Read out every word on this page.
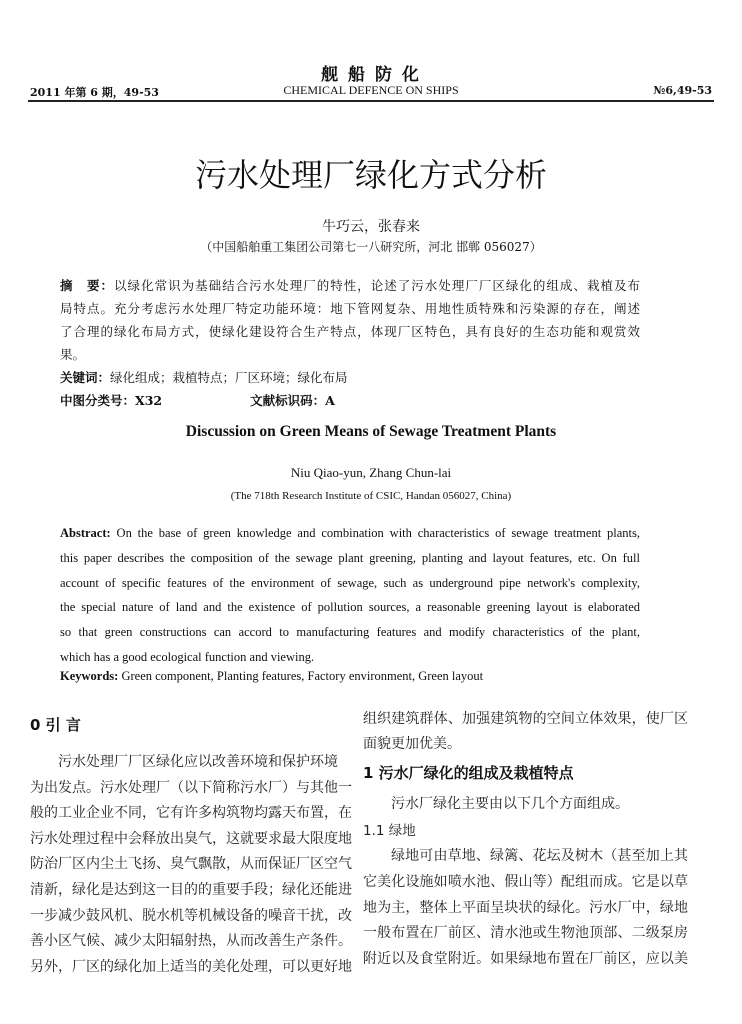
舰 船 防 化
2011 年第 6 期，49-53	CHEMICAL DEFENCE ON SHIPS	№6,49-53
污水处理厂绿化方式分析
牛巧云，张春来
（中国船舶重工集团公司第七一八研究所，河北 邯郸 056027）
摘　要：以绿化常识为基础结合污水处理厂的特性，论述了污水处理厂厂区绿化的组成、栽植及布
局特点。充分考虑污水处理厂特定功能环境：地下管网复杂、用地性质特殊和污染源的存在，阐述
了合理的绿化布局方式，使绿化建设符合生产特点，体现厂区特色，具有良好的生态功能和观赏效
果。
关键词：绿化组成；栽植特点；厂区环境；绿化布局
中图分类号：X32	文献标识码：A
Discussion on Green Means of Sewage Treatment Plants
Niu Qiao-yun, Zhang Chun-lai
(The 718th Research Institute of CSIC, Handan 056027, China)
Abstract: On the base of green knowledge and combination with characteristics of sewage treatment plants,
this paper describes the composition of the sewage plant greening, planting and layout features, etc. On full
account of specific features of the environment of sewage, such as underground pipe network's complexity,
the special nature of land and the existence of pollution sources, a reasonable greening layout is elaborated
so that green constructions can accord to manufacturing features and modify characteristics of the plant,
which has a good ecological function and viewing.
Keywords: Green component, Planting features, Factory environment, Green layout
0 引 言
污水处理厂厂区绿化应以改善环境和保护环境
为出发点。污水处理厂（以下简称污水厂）与其他一
般的工业企业不同，它有许多构筑物均露天布置，在
污水处理过程中会释放出臭气，这就要求最大限度地
防治厂区内尘土飞扬、臭气飘散，从而保证厂区空气
清新，绿化是达到这一目的的重要手段；绿化还能进
一步减少鼓风机、脱水机等机械设备的噪音干扰，改
善小区气候、减少太阳辐射热，从而改善生产条件。
另外，厂区的绿化加上适当的美化处理，可以更好地
组织建筑群体、加强建筑物的空间立体效果，使厂区
面貌更加优美。
1 污水厂绿化的组成及栽植特点
污水厂绿化主要由以下几个方面组成。
1.1 绿地
绿地可由草地、绿篱、花坛及树木（甚至加上其
它美化设施如喷水池、假山等）配组而成。它是以草
地为主，整体上平面呈块状的绿化。污水厂中，绿地
一般布置在厂前区、清水池或生物池顶部、二级泵房
附近以及食堂附近。如果绿地布置在厂前区，应以美
